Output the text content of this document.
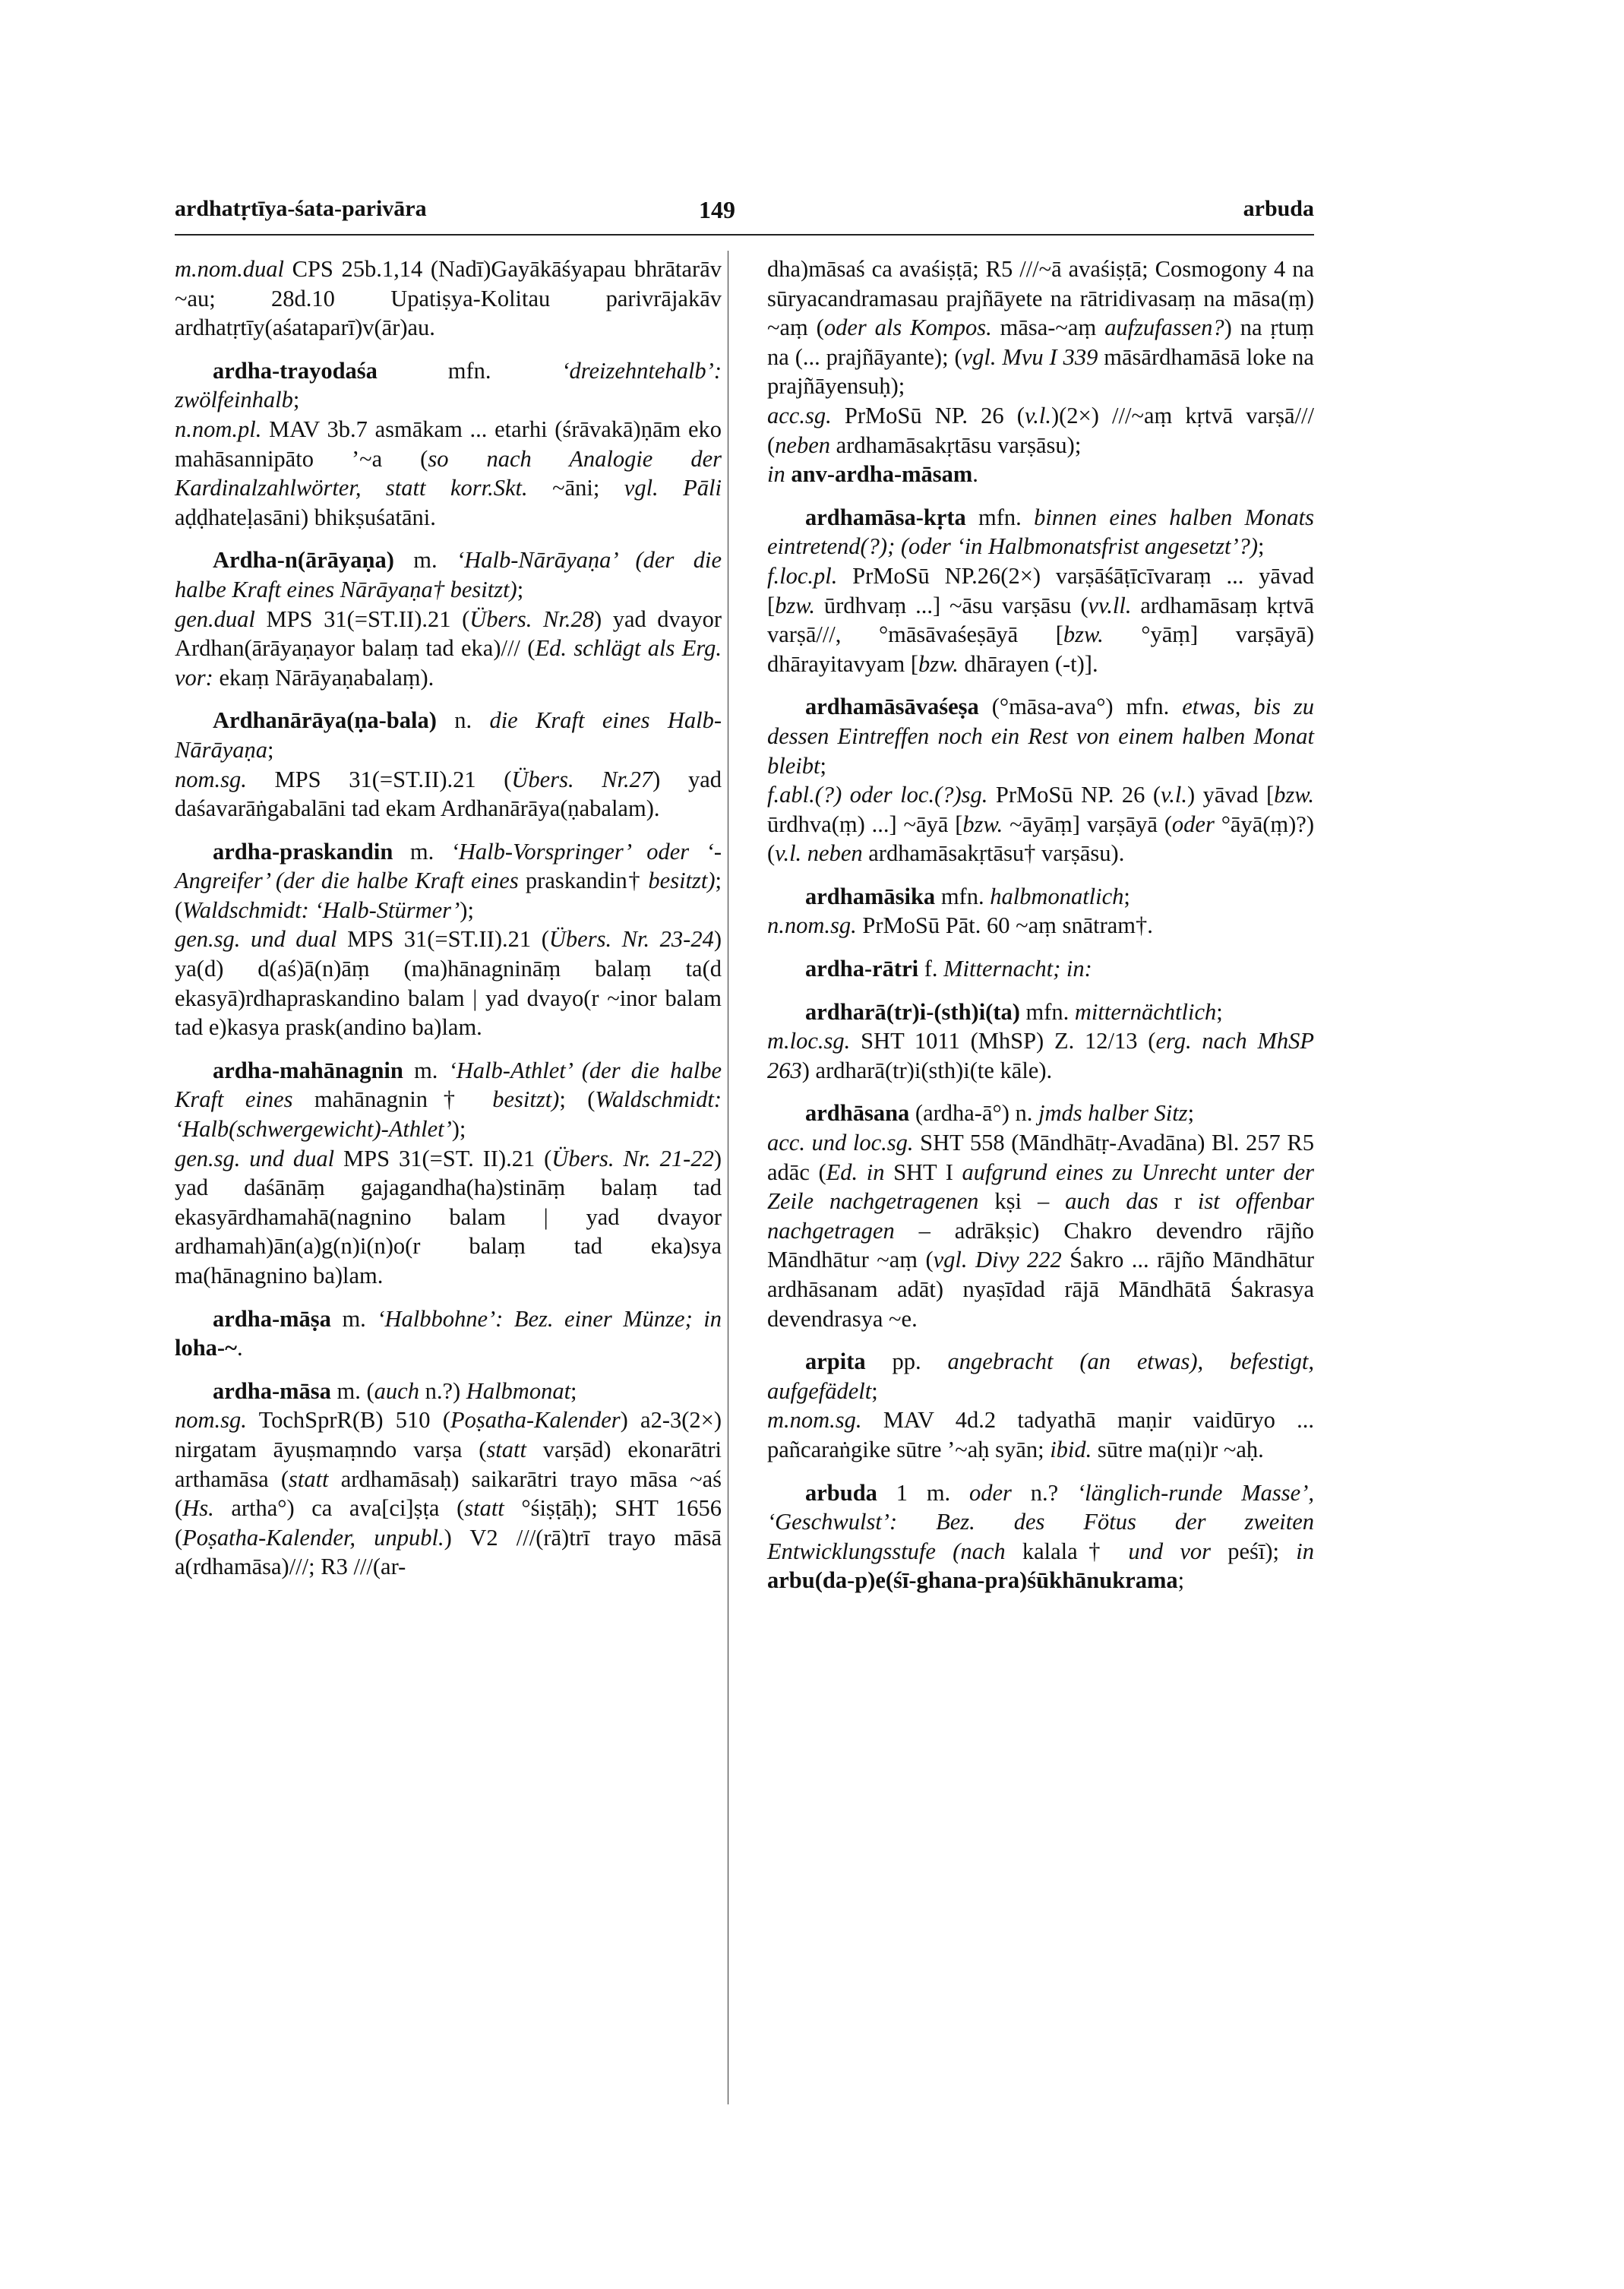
ardhatṛtīya-śata-parivāra	149	arbuda

m.nom.dual CPS 25b.1,14 (Nadī)Gayākāśyapau bhrātarāv ~au; 28d.10 Upatiṣya-Kolitau parivrājakāv ardhatṛtīy(aśataparī)v(ār)au.

ardha-trayodaśa mfn. ‘dreizehntehalb’: zwölfeinhalb;

n.nom.pl. MAV 3b.7 asmākam ... etarhi (śrāvakā)ṇām eko mahāsannipāto ’~a (so nach Analogie der Kardinalzahlwörter, statt korr.Skt. ~āni; vgl. Pāli aḍḍhateḷasāni) bhikṣuśatāni.

Ardha-n(ārāyaṇa) m. ‘Halb-Nārāyaṇa’ (der die halbe Kraft eines Nārāyaṇa† besitzt);

gen.dual MPS 31(=ST.II).21 (Übers. Nr.28) yad dvayor Ardhan(ārāyaṇayor balaṃ tad eka)/// (Ed. schlägt als Erg. vor: ekaṃ Nārāyaṇabalaṃ).

Ardhanārāya(ṇa-bala) n. die Kraft eines Halb-Nārāyaṇa;

nom.sg. MPS 31(=ST.II).21 (Übers. Nr.27) yad daśavarāṅgabalāni tad ekam Ardhanārāya(ṇabalam).

ardha-praskandin m. ‘Halb-Vorspringer’ oder ‘-Angreifer’ (der die halbe Kraft eines praskandin† besitzt); (Waldschmidt: ‘Halb-Stürmer’);

gen.sg. und dual MPS 31(=ST.II).21 (Übers. Nr. 23-24) ya(d) d(aś)ā(n)āṃ (ma)hānagnināṃ balaṃ ta(d ekasyā)rdhapraskandino balam | yad dvayo(r ~inor balam tad e)kasya prask(andino ba)lam.

ardha-mahānagnin m. ‘Halb-Athlet’ (der die halbe Kraft eines mahānagnin† besitzt); (Waldschmidt: ‘Halb(schwergewicht)-Athlet’);

gen.sg. und dual MPS 31(=ST. II).21 (Übers. Nr. 21-22) yad daśānāṃ gajagandha(ha)stināṃ balaṃ tad ekasyārdhamahā(nagnino balam | yad dvayor ardhamah)ān(a)g(n)i(n)o(r balaṃ tad eka)sya ma(hānagnino ba)lam.

ardha-māṣa m. ‘Halbbohne’: Bez. einer Münze; in loha-~.

ardha-māsa m. (auch n.?) Halbmonat;

nom.sg. TochSprR(B) 510 (Poṣatha-Kalender) a2-3(2×) nirgatam āyuṣmaṃndo varṣa (statt varṣād) ekonarātri arthamāsa (statt ardhamāsaḥ) saikarātri trayo māsa ~aś (Hs. artha°) ca ava[ci]ṣṭa (statt °śiṣṭāḥ); SHT 1656 (Poṣatha-Kalender, unpubl.) V2 ///(rā)trī trayo māsā a(rdhamāsa)///; R3 ///(ar-

dha)māsaś ca avaśiṣṭā; R5 ///~ā avaśiṣṭā; Cosmogony 4 na sūryacandramasau prajñāyete na rātridivasaṃ na māsa(ṃ) ~aṃ (oder als Kompos. māsa-~aṃ aufzufassen?) na ṛtuṃ na (... prajñāyante); (vgl. Mvu I 339 māsārdhamāsā loke na prajñāyensuḥ);

acc.sg. PrMoSū NP. 26 (v.l.)(2×) ///~aṃ kṛtvā varṣā/// (neben ardhamāsakṛtāsu varṣāsu);

in anv-ardha-māsam.

ardhamāsa-kṛta mfn. binnen eines halben Monats eintretend(?); (oder ‘in Halbmonatsfrist angesetzt’?);

f.loc.pl. PrMoSū NP.26(2×) varṣāśāṭīcīvaraṃ ... yāvad [bzw. ūrdhvaṃ ...] ~āsu varṣāsu (vv.ll. ardhamāsaṃ kṛtvā varṣā///, °māsāvaśeṣāyā [bzw. °yāṃ] varṣāyā) dhārayitavyam [bzw. dhārayen (-t)].

ardhamāsāvaśeṣa (°māsa-ava°) mfn. etwas, bis zu dessen Eintreffen noch ein Rest von einem halben Monat bleibt;

f.abl.(?) oder loc.(?)sg. PrMoSū NP. 26 (v.l.) yāvad [bzw. ūrdhva(ṃ) ...] ~āyā [bzw. ~āyāṃ] varṣāyā (oder °āyā(ṃ)?) (v.l. neben ardhamāsakṛtāsu† varṣāsu).

ardhamāsika mfn. halbmonatlich;

n.nom.sg. PrMoSū Pāt. 60 ~aṃ snātram†.

ardha-rātri f. Mitternacht; in:

ardharā(tr)i-(sth)i(ta) mfn. mitternächtlich;

m.loc.sg. SHT 1011 (MhSP) Z. 12/13 (erg. nach MhSP 263) ardharā(tr)i(sth)i(te kāle).

ardhāsana (ardha-ā°) n. jmds halber Sitz;

acc. und loc.sg. SHT 558 (Māndhātṛ-Avadāna) Bl. 257 R5 adāc (Ed. in SHT I aufgrund eines zu Unrecht unter der Zeile nachgetragenen kṣi – auch das r ist offenbar nachgetragen – adrākṣic) Chakro devendro rājño Māndhātur ~aṃ (vgl. Divy 222 Śakro ... rājño Māndhātur ardhāsanam adāt) nyaṣīdad rājā Māndhātā Śakrasya devendrasya ~e.

arpita pp. angebracht (an etwas), befestigt, aufgefädelt;

m.nom.sg. MAV 4d.2 tadyathā maṇir vaidūryo ... pañcaraṅgike sūtre ’~aḥ syān; ibid. sūtre ma(ṇi)r ~aḥ.

arbuda 1 m. oder n.? ‘länglich-runde Masse’, ‘Geschwulst’: Bez. des Fötus der zweiten Entwicklungsstufe (nach kalala† und vor peśī); in arbu(da-p)e(śī-ghana-pra)śūkhānukrama;
